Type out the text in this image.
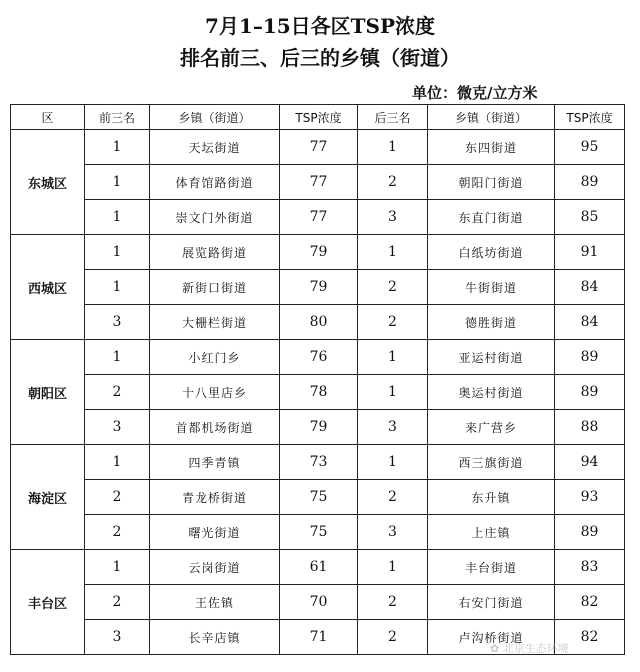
7月1–15日各区TSP浓度
排名前三、后三的乡镇（街道）
单位：微克/立方米
区	前三名	乡镇（街道）	TSP浓度	后三名	乡镇（街道）	TSP浓度
东城区	1	天坛街道	77	1	东四街道	95
	1	体育馆路街道	77	2	朝阳门街道	89
	1	崇文门外街道	77	3	东直门街道	85
西城区	1	展览路街道	79	1	白纸坊街道	91
	1	新街口街道	79	2	牛街街道	84
	3	大栅栏街道	80	2	德胜街道	84
朝阳区	1	小红门乡	76	1	亚运村街道	89
	2	十八里店乡	78	1	奥运村街道	89
	3	首都机场街道	79	3	来广营乡	88
海淀区	1	四季青镇	73	1	西三旗街道	94
	2	青龙桥街道	75	2	东升镇	93
	2	曙光街道	75	3	上庄镇	89
丰台区	1	云岗街道	61	1	丰台街道	83
	2	王佐镇	70	2	右安门街道	82
	3	长辛店镇	71	2	卢沟桥街道	82
✿ 北京生态环境
